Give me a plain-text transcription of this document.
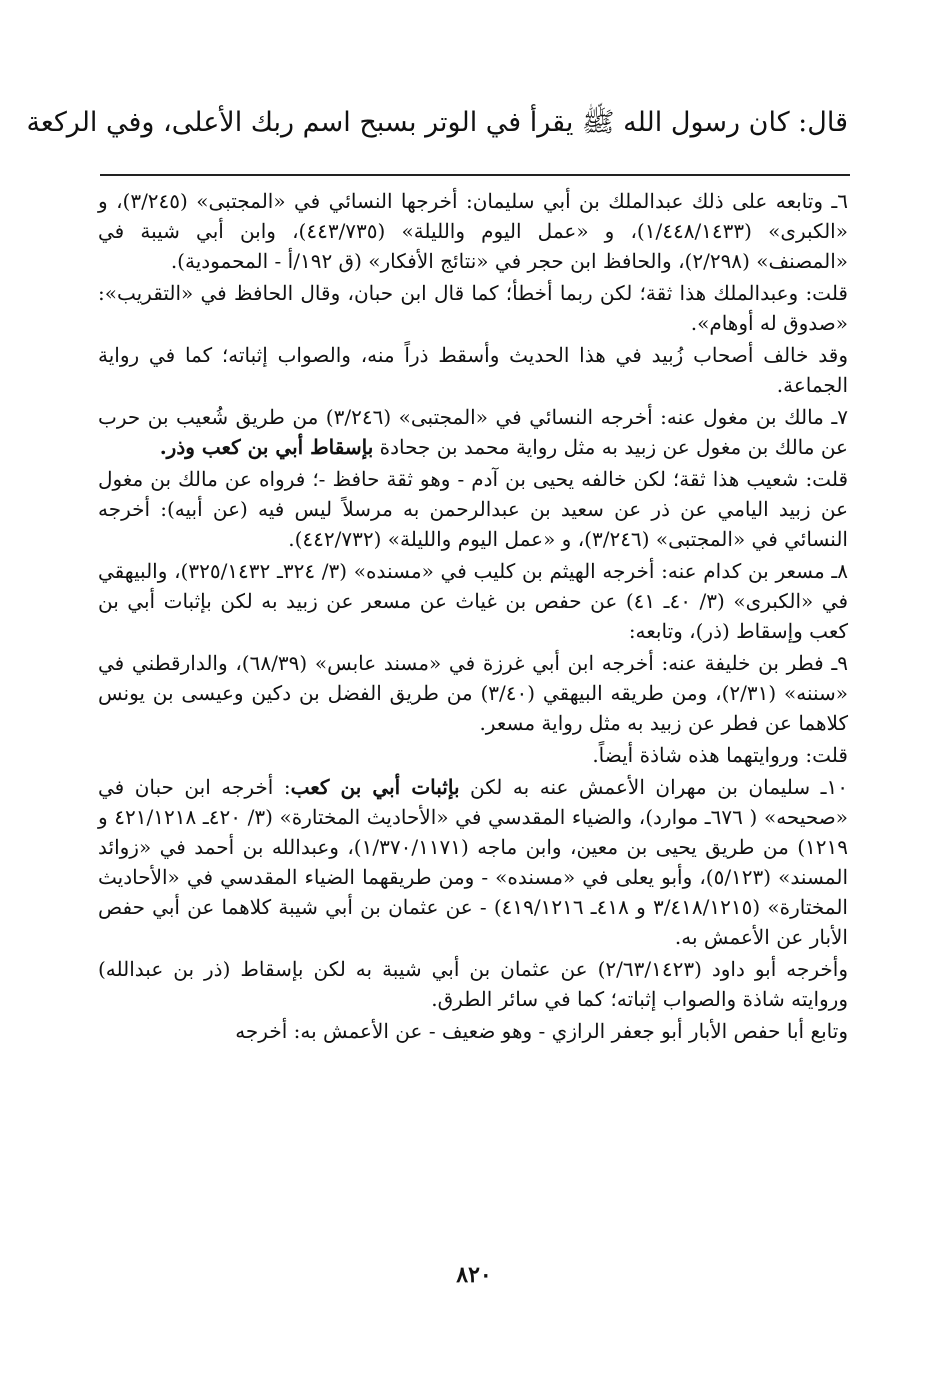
قال: كان رسول الله ﷺ يقرأ في الوتر بسبح اسم ربك الأعلى، وفي الركعة

٦ـ وتابعه على ذلك عبدالملك بن أبي سليمان: أخرجها النسائي في «المجتبى» (٣/٢٤٥)، و «الكبرى» (١/٤٤٨/١٤٣٣)، و «عمل اليوم والليلة» (٤٤٣/٧٣٥)، وابن أبي شيبة في «المصنف» (٢/٢٩٨)، والحافظ ابن حجر في «نتائج الأفكار» (ق ١٩٢/أ - المحمودية).

قلت: وعبدالملك هذا ثقة؛ لكن ربما أخطأ؛ كما قال ابن حبان، وقال الحافظ في «التقريب»: «صدوق له أوهام».

وقد خالف أصحاب زُبيد في هذا الحديث وأسقط ذراً منه، والصواب إثباته؛ كما في رواية الجماعة.

٧ـ مالك بن مغول عنه: أخرجه النسائي في «المجتبى» (٣/٢٤٦) من طريق شُعيب بن حرب عن مالك بن مغول عن زبيد به مثل رواية محمد بن جحادة بإسقاط أبي بن كعب وذر.

قلت: شعيب هذا ثقة؛ لكن خالفه يحيى بن آدم - وهو ثقة حافظ -؛ فرواه عن مالك بن مغول عن زبيد اليامي عن ذر عن سعيد بن عبدالرحمن به مرسلاً ليس فيه (عن أبيه): أخرجه النسائي في «المجتبى» (٣/٢٤٦)، و «عمل اليوم والليلة» (٤٤٢/٧٣٢).

٨ـ مسعر بن كدام عنه: أخرجه الهيثم بن كليب في «مسنده» (٣/ ٣٢٤ـ ٣٢٥/١٤٣٢)، والبيهقي في «الكبرى» (٣/ ٤٠ـ ٤١) عن حفص بن غياث عن مسعر عن زبيد به لكن بإثبات أبي بن كعب وإسقاط (ذر)، وتابعه:

٩ـ فطر بن خليفة عنه: أخرجه ابن أبي غرزة في «مسند عابس» (٦٨/٣٩)، والدارقطني في «سننه» (٢/٣١)، ومن طريقه البيهقي (٣/٤٠) من طريق الفضل بن دكين وعيسى بن يونس كلاهما عن فطر عن زبيد به مثل رواية مسعر.

قلت: وروايتهما هذه شاذة أيضاً.

١٠ـ سليمان بن مهران الأعمش عنه به لكن بإثبات أبي بن كعب: أخرجه ابن حبان في «صحيحه» ( ٦٧٦ـ موارد)، والضياء المقدسي في «الأحاديث المختارة» (٣/ ٤٢٠ـ ٤٢١/١٢١٨ و ١٢١٩) من طريق يحيى بن معين، وابن ماجه (١/٣٧٠/١١٧١)، وعبدالله بن أحمد في «زوائد المسند» (٥/١٢٣)، وأبو يعلى في «مسنده» - ومن طريقهما الضياء المقدسي في «الأحاديث المختارة» (٣/٤١٨/١٢١٥ و ٤١٨ـ ٤١٩/١٢١٦) - عن عثمان بن أبي شيبة كلاهما عن أبي حفص الأبار عن الأعمش به.

وأخرجه أبو داود (٢/٦٣/١٤٢٣) عن عثمان بن أبي شيبة به لكن بإسقاط (ذر بن عبدالله) وروايته شاذة والصواب إثباته؛ كما في سائر الطرق.

وتابع أبا حفص الأبار أبو جعفر الرازي - وهو ضعيف - عن الأعمش به: أخرجه

٨٢٠
